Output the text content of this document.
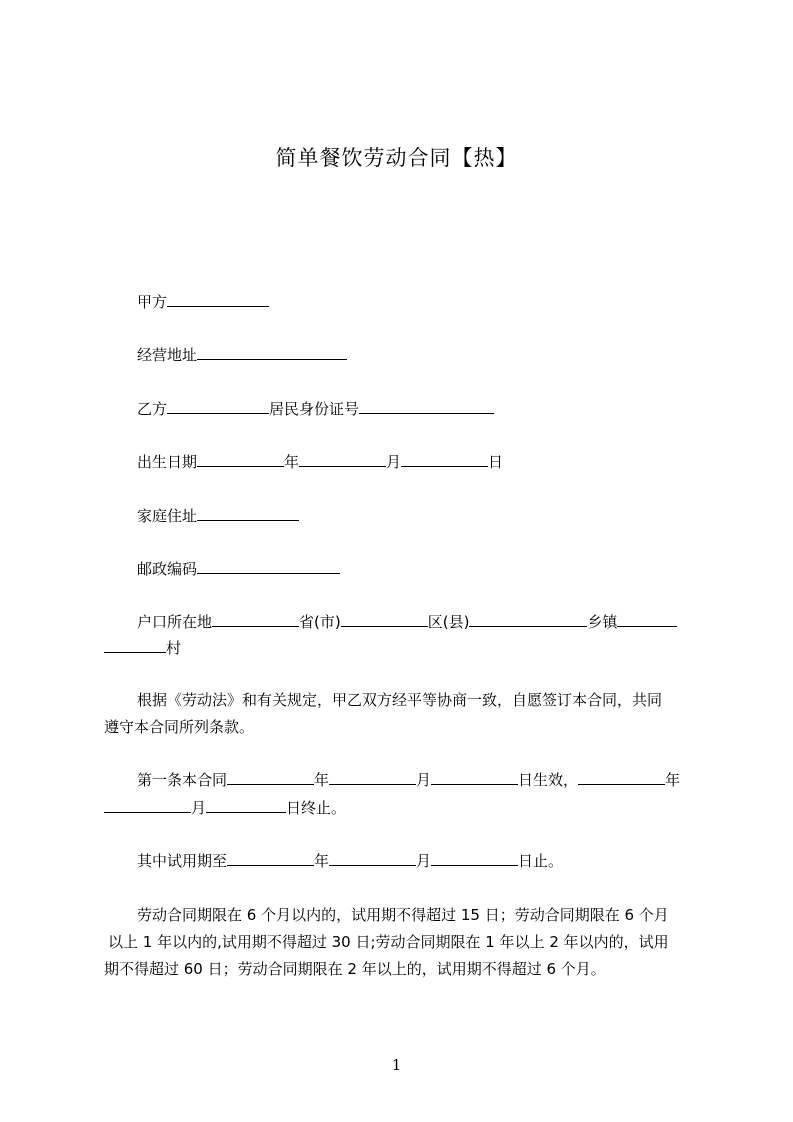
简单餐饮劳动合同【热】
甲方
经营地址
乙方	居民身份证号
出生日期	年	月	日
家庭住址
邮政编码
户口所在地	省(市)	区(县)	乡镇
村
根据《劳动法》和有关规定，甲乙双方经平等协商一致，自愿签订本合同，共同
遵守本合同所列条款。
第一条本合同	年	月	日生效，	年
月	日终止。
其中试用期至	年	月	日止。
劳动合同期限在 6 个月以内的，试用期不得超过 15 日；劳动合同期限在 6 个月
以上 1 年以内的,试用期不得超过 30 日;劳动合同期限在 1 年以上 2 年以内的，试用
期不得超过 60 日；劳动合同期限在 2 年以上的，试用期不得超过 6 个月。
1
